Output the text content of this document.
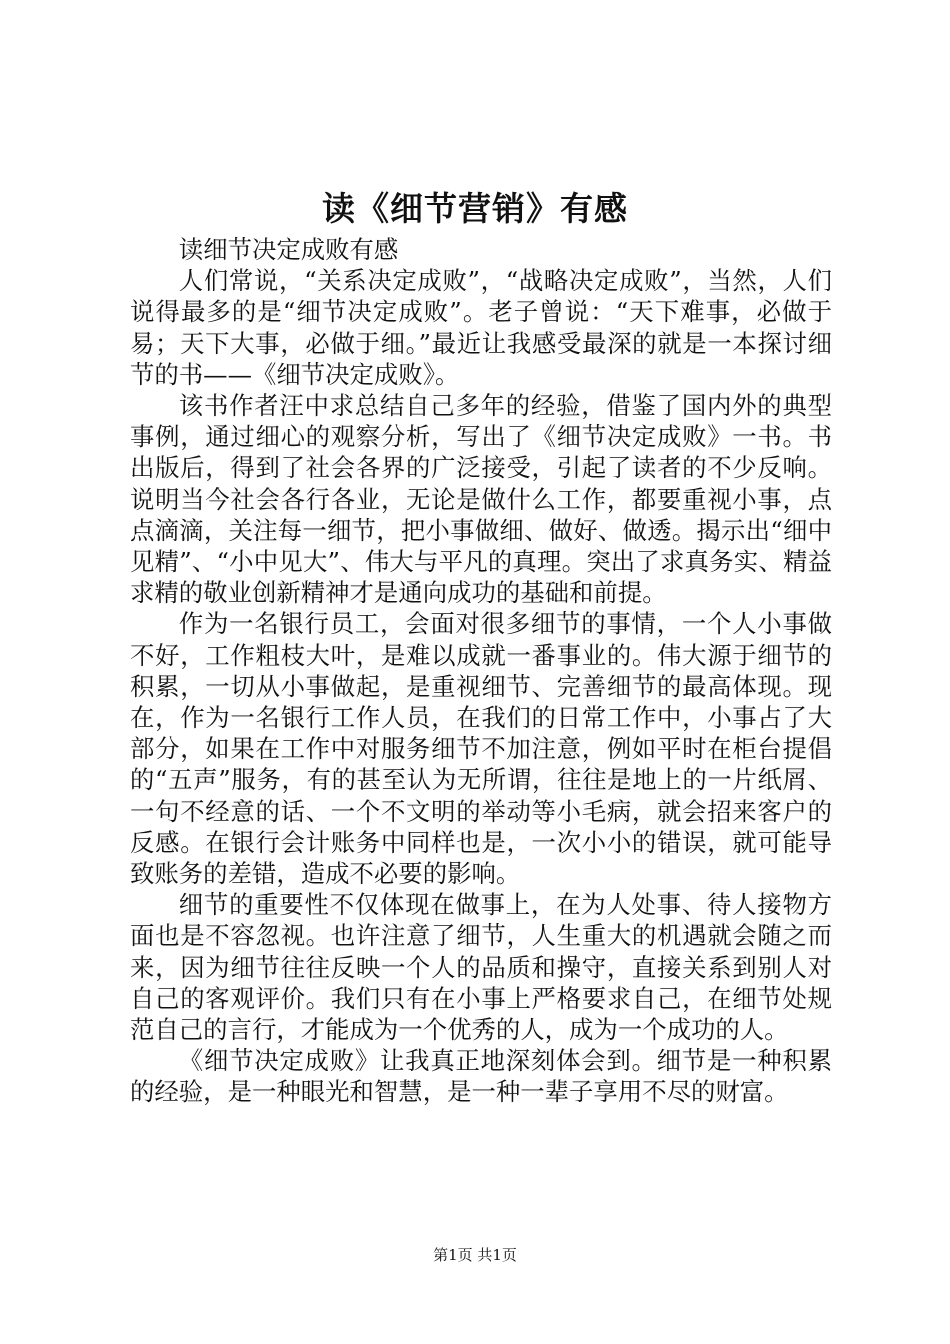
读《细节营销》有感

读细节决定成败有感

人们常说，“关系决定成败”，“战略决定成败”，当然，人们说得最多的是“细节决定成败”。老子曾说：“天下难事，必做于易；天下大事，必做于细。”最近让我感受最深的就是一本探讨细节的书——《细节决定成败》。

该书作者汪中求总结自己多年的经验，借鉴了国内外的典型事例，通过细心的观察分析，写出了《细节决定成败》一书。书出版后，得到了社会各界的广泛接受，引起了读者的不少反响。说明当今社会各行各业，无论是做什么工作，都要重视小事，点点滴滴，关注每一细节，把小事做细、做好、做透。揭示出“细中见精”、“小中见大”、伟大与平凡的真理。突出了求真务实、精益求精的敬业创新精神才是通向成功的基础和前提。

作为一名银行员工，会面对很多细节的事情，一个人小事做不好，工作粗枝大叶，是难以成就一番事业的。伟大源于细节的积累，一切从小事做起，是重视细节、完善细节的最高体现。现在，作为一名银行工作人员，在我们的日常工作中，小事占了大部分，如果在工作中对服务细节不加注意，例如平时在柜台提倡的“五声”服务，有的甚至认为无所谓，往往是地上的一片纸屑、一句不经意的话、一个不文明的举动等小毛病，就会招来客户的反感。在银行会计账务中同样也是，一次小小的错误，就可能导致账务的差错，造成不必要的影响。

细节的重要性不仅体现在做事上，在为人处事、待人接物方面也是不容忽视。也许注意了细节，人生重大的机遇就会随之而来，因为细节往往反映一个人的品质和操守，直接关系到别人对自己的客观评价。我们只有在小事上严格要求自己，在细节处规范自己的言行，才能成为一个优秀的人，成为一个成功的人。

《细节决定成败》让我真正地深刻体会到。细节是一种积累的经验，是一种眼光和智慧，是一种一辈子享用不尽的财富。

第1页 共1页
